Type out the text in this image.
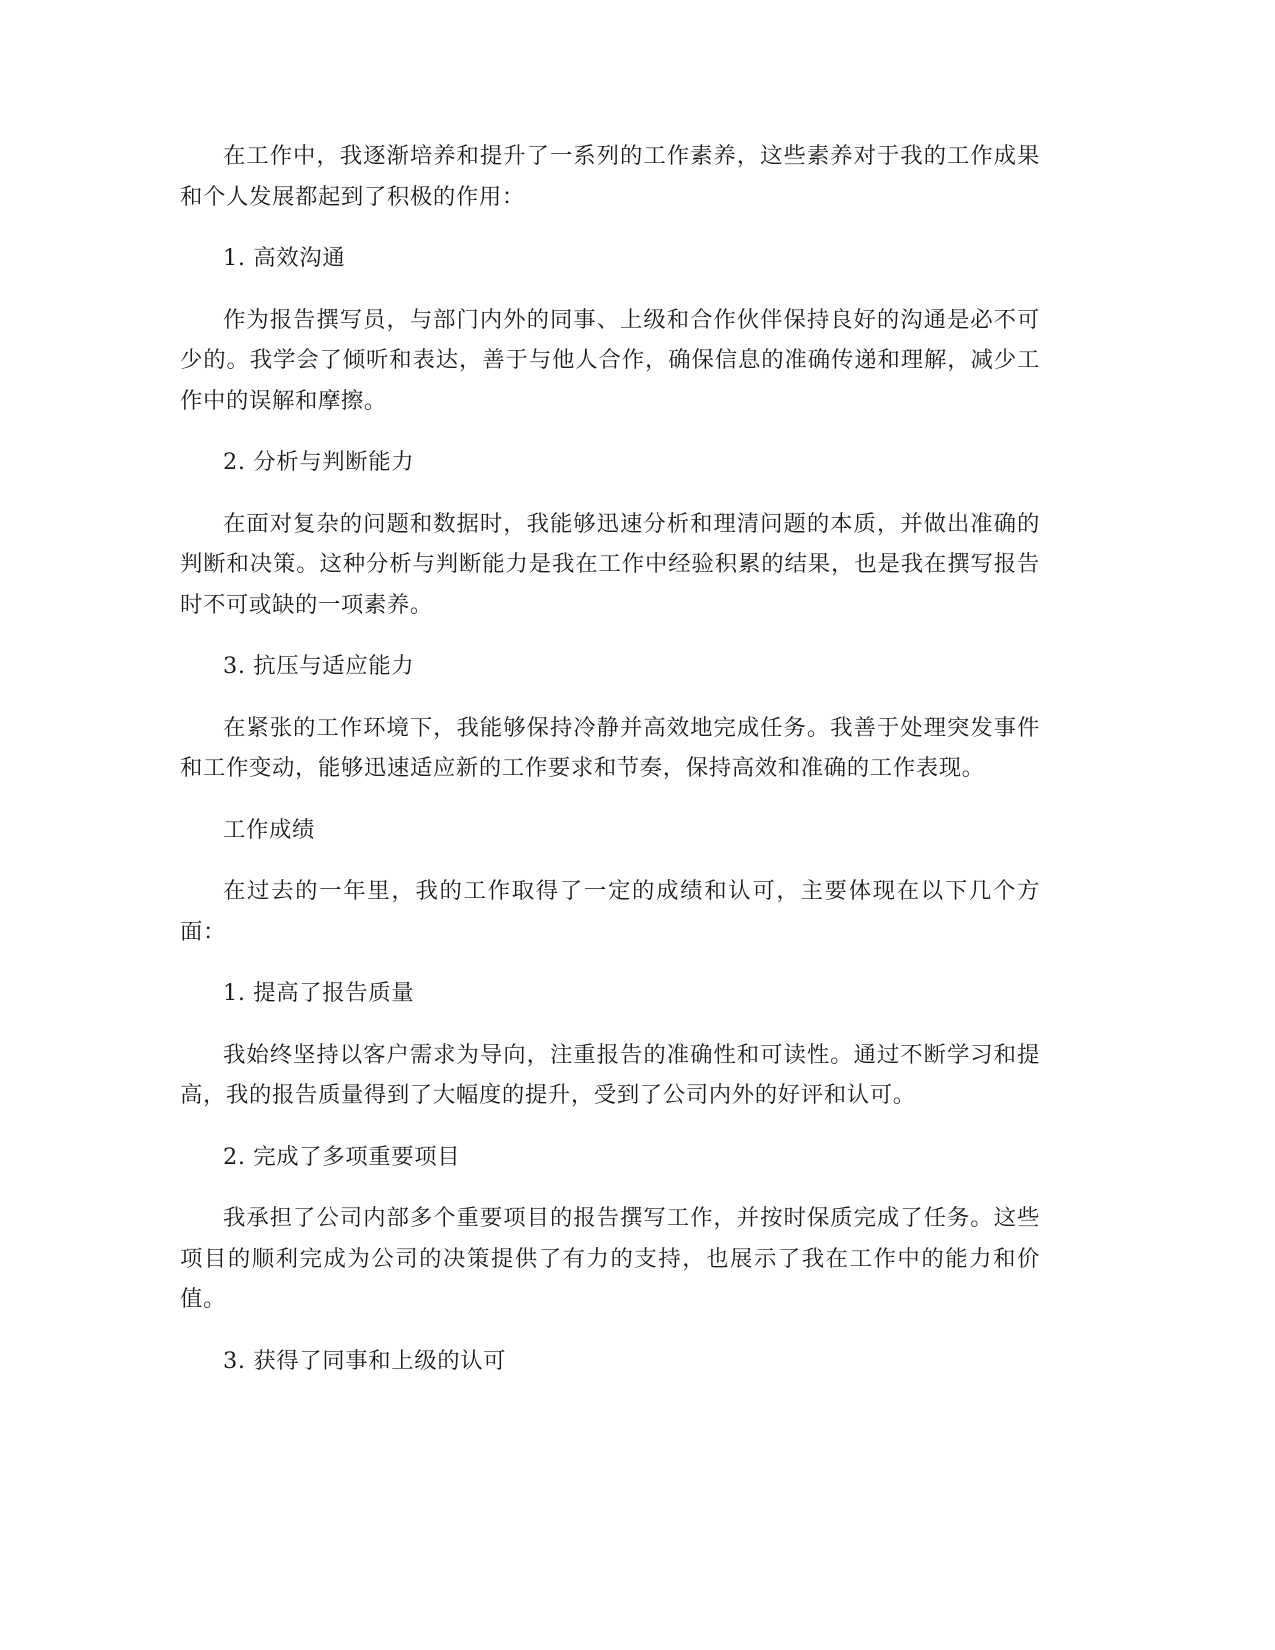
在工作中，我逐渐培养和提升了一系列的工作素养，这些素养对于我的工作成果和个人发展都起到了积极的作用：

1. 高效沟通

作为报告撰写员，与部门内外的同事、上级和合作伙伴保持良好的沟通是必不可少的。我学会了倾听和表达，善于与他人合作，确保信息的准确传递和理解，减少工作中的误解和摩擦。

2. 分析与判断能力

在面对复杂的问题和数据时，我能够迅速分析和理清问题的本质，并做出准确的判断和决策。这种分析与判断能力是我在工作中经验积累的结果，也是我在撰写报告时不可或缺的一项素养。

3. 抗压与适应能力

在紧张的工作环境下，我能够保持冷静并高效地完成任务。我善于处理突发事件和工作变动，能够迅速适应新的工作要求和节奏，保持高效和准确的工作表现。

工作成绩

在过去的一年里，我的工作取得了一定的成绩和认可，主要体现在以下几个方面：

1. 提高了报告质量

我始终坚持以客户需求为导向，注重报告的准确性和可读性。通过不断学习和提高，我的报告质量得到了大幅度的提升，受到了公司内外的好评和认可。

2. 完成了多项重要项目

我承担了公司内部多个重要项目的报告撰写工作，并按时保质完成了任务。这些项目的顺利完成为公司的决策提供了有力的支持，也展示了我在工作中的能力和价值。

3. 获得了同事和上级的认可
